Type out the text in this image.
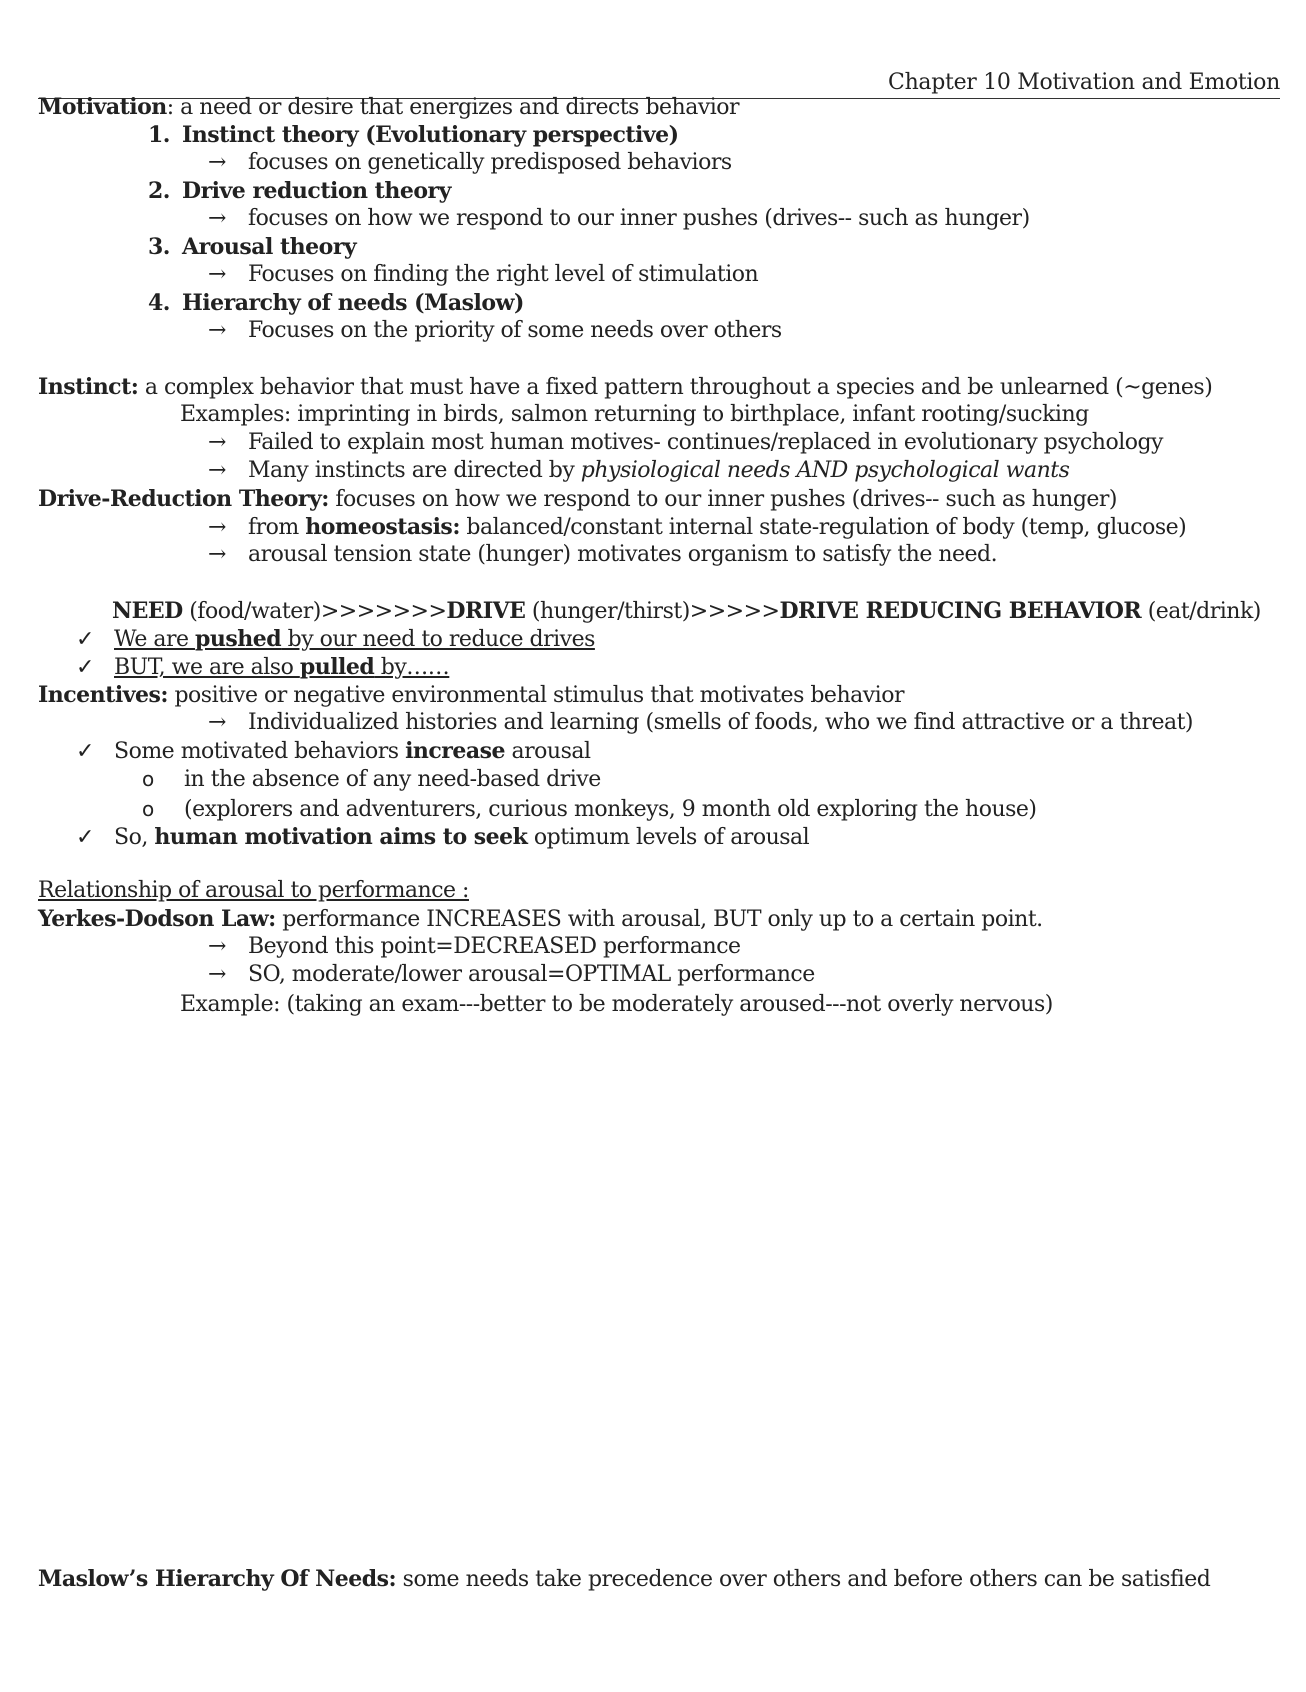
Chapter 10 Motivation and Emotion
Motivation: a need or desire that energizes and directs behavior
1. Instinct theory (Evolutionary perspective)
→ focuses on genetically predisposed behaviors
2. Drive reduction theory
→ focuses on how we respond to our inner pushes (drives-- such as hunger)
3. Arousal theory
→ Focuses on finding the right level of stimulation
4. Hierarchy of needs (Maslow)
→ Focuses on the priority of some needs over others
Instinct: a complex behavior that must have a fixed pattern throughout a species and be unlearned (~genes)
Examples: imprinting in birds, salmon returning to birthplace, infant rooting/sucking
→ Failed to explain most human motives- continues/replaced in evolutionary psychology
→ Many instincts are directed by physiological needs AND psychological wants
Drive-Reduction Theory: focuses on how we respond to our inner pushes (drives-- such as hunger)
→ from homeostasis: balanced/constant internal state-regulation of body (temp, glucose)
→ arousal tension state (hunger) motivates organism to satisfy the need.
NEED (food/water)>>>>>>>DRIVE (hunger/thirst)>>>>>DRIVE REDUCING BEHAVIOR (eat/drink)
✓ We are pushed by our need to reduce drives
✓ BUT, we are also pulled by……
Incentives: positive or negative environmental stimulus that motivates behavior
→ Individualized histories and learning (smells of foods, who we find attractive or a threat)
✓ Some motivated behaviors increase arousal
o in the absence of any need-based drive
o (explorers and adventurers, curious monkeys, 9 month old exploring the house)
✓ So, human motivation aims to seek optimum levels of arousal
Relationship of arousal to performance :
Yerkes-Dodson Law: performance INCREASES with arousal, BUT only up to a certain point.
→ Beyond this point=DECREASED performance
→ SO, moderate/lower arousal=OPTIMAL performance
Example: (taking an exam---better to be moderately aroused---not overly nervous)
Maslow’s Hierarchy Of Needs: some needs take precedence over others and before others can be satisfied
